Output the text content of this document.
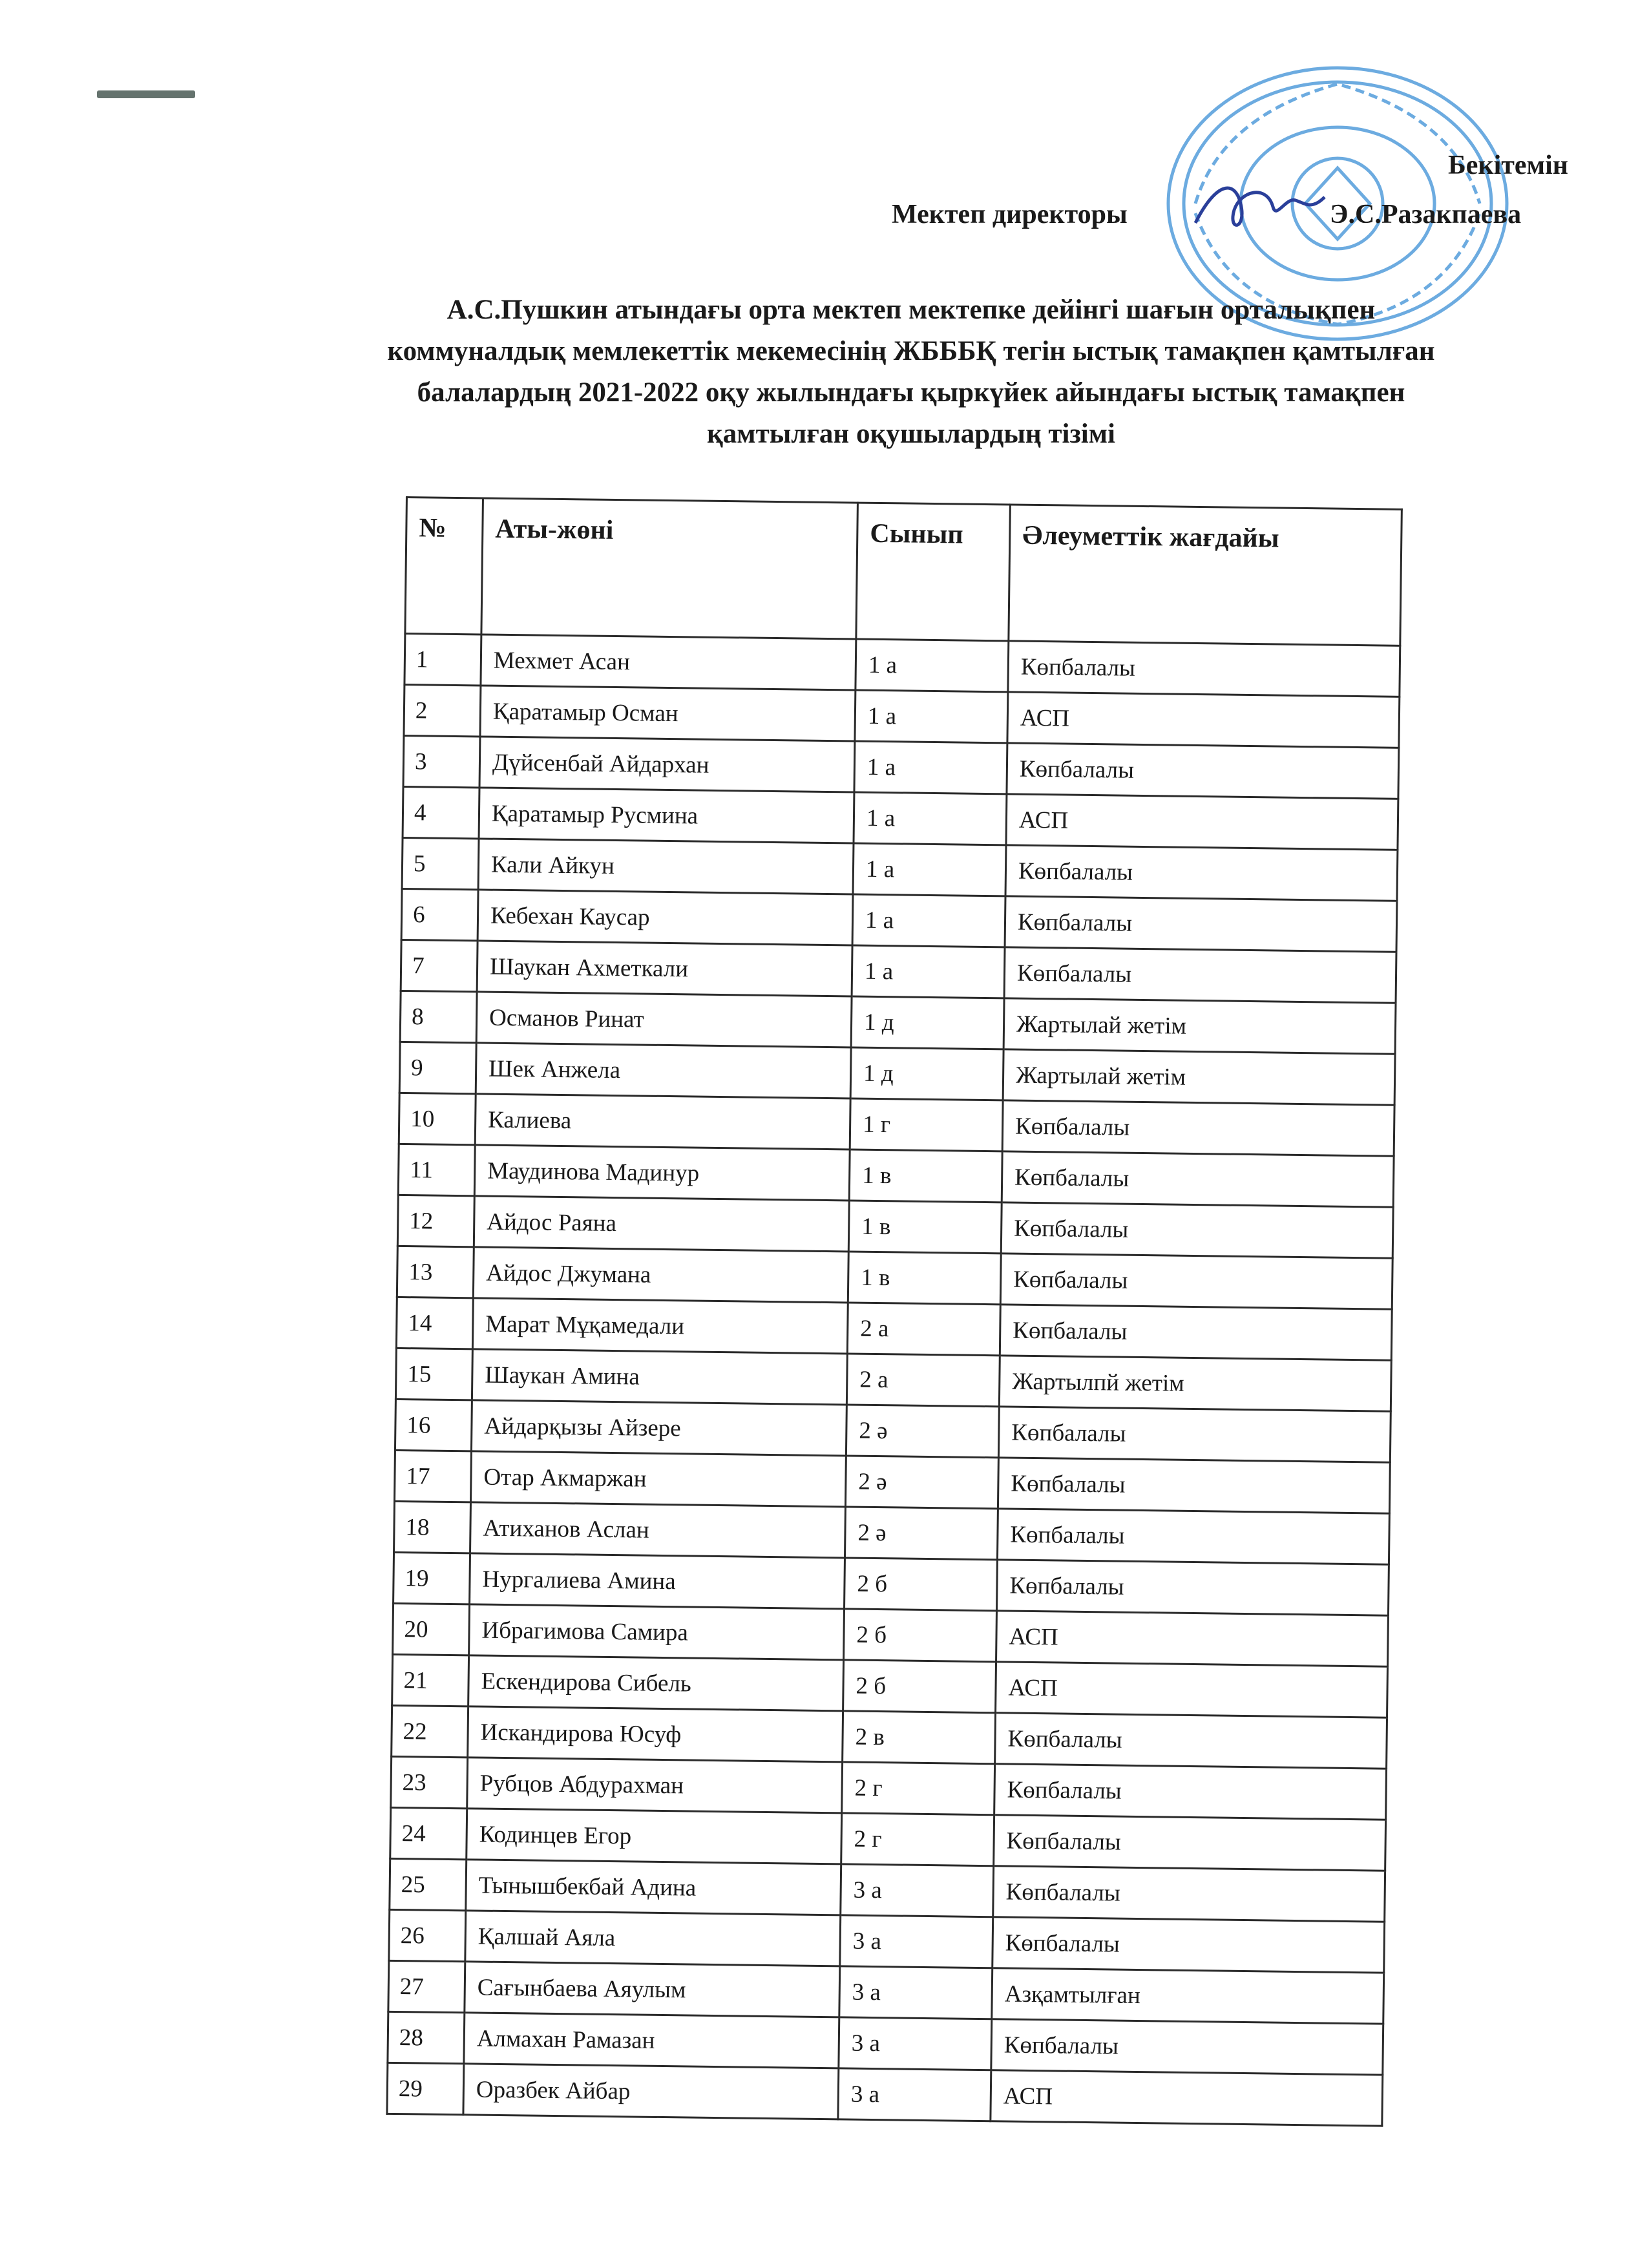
Бекітемін
Мектеп директоры	Э.С.Разакпаева
А.С.Пушкин атындағы орта мектеп мектепке дейінгі шағын орталықпен
коммуналдық мемлекеттік мекемесінің ЖБББҚ тегін ыстық тамақпен қамтылған
балалардың 2021-2022 оқу жылындағы қыркүйек айындағы ыстық тамақпен
қамтылған оқушылардың тізімі
№	Аты-жөні	Сынып	Әлеуметтік жағдайы
1	Мехмет Асан	1 а	Көпбалалы
2	Қаратамыр Осман	1 а	АСП
3	Дүйсенбай Айдархан	1 а	Көпбалалы
4	Қаратамыр Русмина	1 а	АСП
5	Кали Айкун	1 а	Көпбалалы
6	Кебехан Каусар	1 а	Көпбалалы
7	Шаукан Ахметкали	1 а	Көпбалалы
8	Османов Ринат	1 д	Жартылай жетім
9	Шек Анжела	1 д	Жартылай жетім
10	Калиева	1 г	Көпбалалы
11	Маудинова Мадинур	1 в	Көпбалалы
12	Айдос Раяна	1 в	Көпбалалы
13	Айдос Джумана	1 в	Көпбалалы
14	Марат Мұқамедали	2 а	Көпбалалы
15	Шаукан Амина	2 а	Жартылпй жетім
16	Айдарқызы Айзере	2 ә	Көпбалалы
17	Отар Акмаржан	2 ә	Көпбалалы
18	Атиханов Аслан	2 ә	Көпбалалы
19	Нургалиева Амина	2 б	Көпбалалы
20	Ибрагимова Самира	2 б	АСП
21	Ескендирова Сибель	2 б	АСП
22	Искандирова Юсуф	2 в	Көпбалалы
23	Рубцов Абдурахман	2 г	Көпбалалы
24	Кодинцев Егор	2 г	Көпбалалы
25	Тынышбекбай Адина	3 а	Көпбалалы
26	Қалшай Аяла	3 а	Көпбалалы
27	Сағынбаева Аяулым	3 а	Азқамтылған
28	Алмахан Рамазан	3 а	Көпбалалы
29	Оразбек Айбар	3 а	АСП
